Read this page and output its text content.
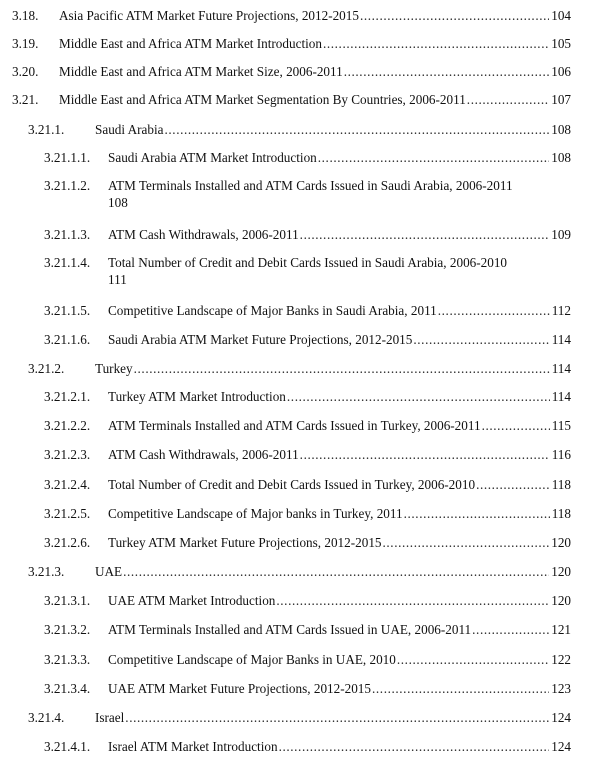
3.18. Asia Pacific ATM Market Future Projections, 2012-2015 .....	104
3.19. Middle East and Africa ATM Market Introduction .....	105
3.20. Middle East and Africa ATM Market Size, 2006-2011 .....	106
3.21. Middle East and Africa ATM Market Segmentation By Countries, 2006-2011 .....	107
3.21.1. Saudi Arabia .....	108
3.21.1.1. Saudi Arabia ATM Market Introduction .....	108
3.21.1.2. ATM Terminals Installed and ATM Cards Issued in Saudi Arabia, 2006-2011
108
3.21.1.3. ATM Cash Withdrawals, 2006-2011 .....	109
3.21.1.4. Total Number of Credit and Debit Cards Issued in Saudi Arabia, 2006-2010
111
3.21.1.5. Competitive Landscape of Major Banks in Saudi Arabia, 2011 .....	112
3.21.1.6. Saudi Arabia ATM Market Future Projections, 2012-2015 .....	114
3.21.2. Turkey .....	114
3.21.2.1. Turkey ATM Market Introduction .....	114
3.21.2.2. ATM Terminals Installed and ATM Cards Issued in Turkey, 2006-2011 .....	115
3.21.2.3. ATM Cash Withdrawals, 2006-2011 .....	116
3.21.2.4. Total Number of Credit and Debit Cards Issued in Turkey, 2006-2010 .....	118
3.21.2.5. Competitive Landscape of Major banks in Turkey, 2011 .....	118
3.21.2.6. Turkey ATM Market Future Projections, 2012-2015 .....	120
3.21.3. UAE .....	120
3.21.3.1. UAE ATM Market Introduction .....	120
3.21.3.2. ATM Terminals Installed and ATM Cards Issued in UAE, 2006-2011 .....	121
3.21.3.3. Competitive Landscape of Major Banks in UAE, 2010 .....	122
3.21.3.4. UAE ATM Market Future Projections, 2012-2015 .....	123
3.21.4. Israel .....	124
3.21.4.1. Israel ATM Market Introduction .....	124
